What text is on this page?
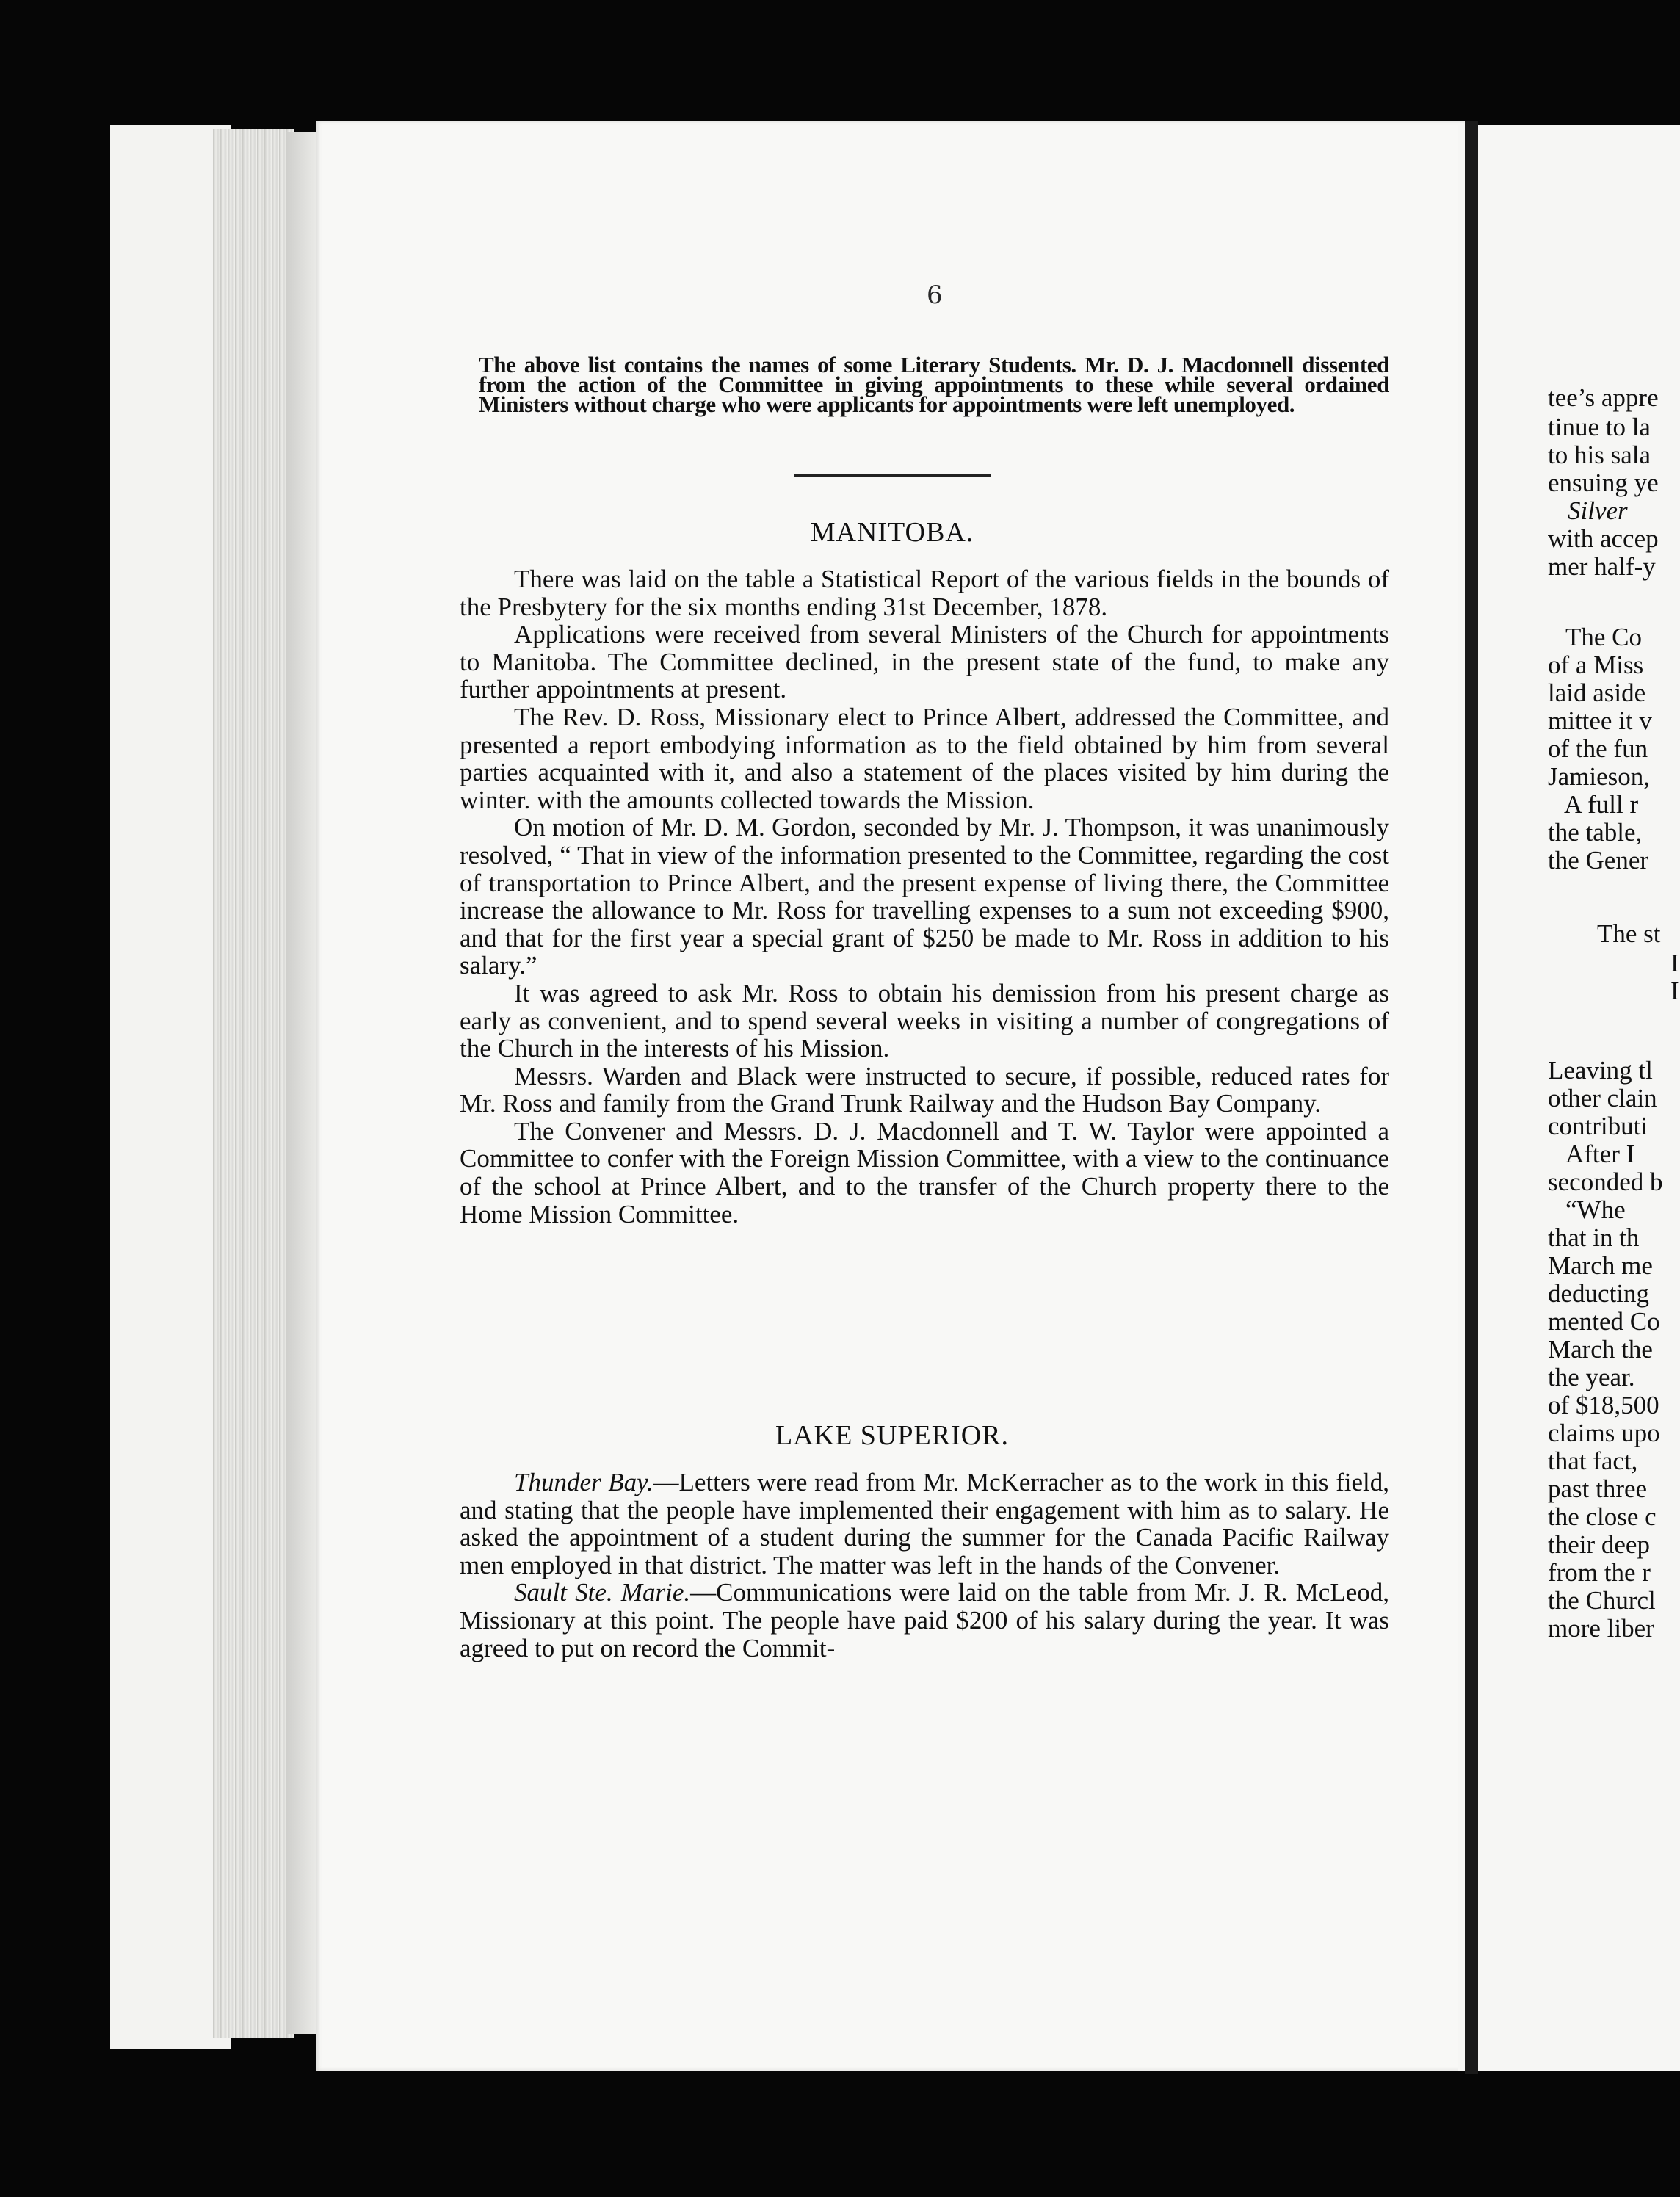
6
The above list contains the names of some Literary Students. Mr. D. J. Macdonnell dissented from the action of the Committee in giving appointments to these while several ordained Ministers without charge who were applicants for appointments were left unemployed.
MANITOBA.

There was laid on the table a Statistical Report of the various fields in the bounds of the Presbytery for the six months ending 31st December, 1878.

Applications were received from several Ministers of the Church for appointments to Manitoba. The Committee declined, in the present state of the fund, to make any further appointments at present.

The Rev. D. Ross, Missionary elect to Prince Albert, addressed the Committee, and presented a report embodying information as to the field obtained by him from several parties acquainted with it, and also a statement of the places visited by him during the winter. with the amounts collected towards the Mission.

On motion of Mr. D. M. Gordon, seconded by Mr. J. Thompson, it was unanimously resolved, “ That in view of the information presented to the Committee, regarding the cost of transportation to Prince Albert, and the present expense of living there, the Committee increase the allowance to Mr. Ross for travelling expenses to a sum not exceeding $900, and that for the first year a special grant of $250 be made to Mr. Ross in addition to his salary.”

It was agreed to ask Mr. Ross to obtain his demission from his present charge as early as convenient, and to spend several weeks in visiting a number of congregations of the Church in the interests of his Mission.

Messrs. Warden and Black were instructed to secure, if possible, reduced rates for Mr. Ross and family from the Grand Trunk Railway and the Hudson Bay Company.

The Convener and Messrs. D. J. Macdonnell and T. W. Taylor were appointed a Committee to confer with the Foreign Mission Committee, with a view to the continuance of the school at Prince Albert, and to the transfer of the Church property there to the Home Mission Committee.

LAKE SUPERIOR.

Thunder Bay.—Letters were read from Mr. McKerracher as to the work in this field, and stating that the people have implemented their engagement with him as to salary. He asked the appointment of a student during the summer for the Canada Pacific Railway men employed in that district. The matter was left in the hands of the Convener.

Sault Ste. Marie.—Communications were laid on the table from Mr. J. R. McLeod, Missionary at this point. The people have paid $200 of his salary during the year. It was agreed to put on record the Commit-

tee’s appre
tinue to la
to his sala
ensuing ye
Silver
with accep
mer half-y
The Co
of a Miss
laid aside
mittee it v
of the fun
Jamieson,
A full r
the table,
the Gener
The st
I
I
Leaving tl
other clain
contributi
After I
seconded b
“Whe
that in th
March me
deducting
mented Co
March the
the year.
of $18,500
claims upo
that fact,
past three
the close c
their deep
from the r
the Churcl
more liber
